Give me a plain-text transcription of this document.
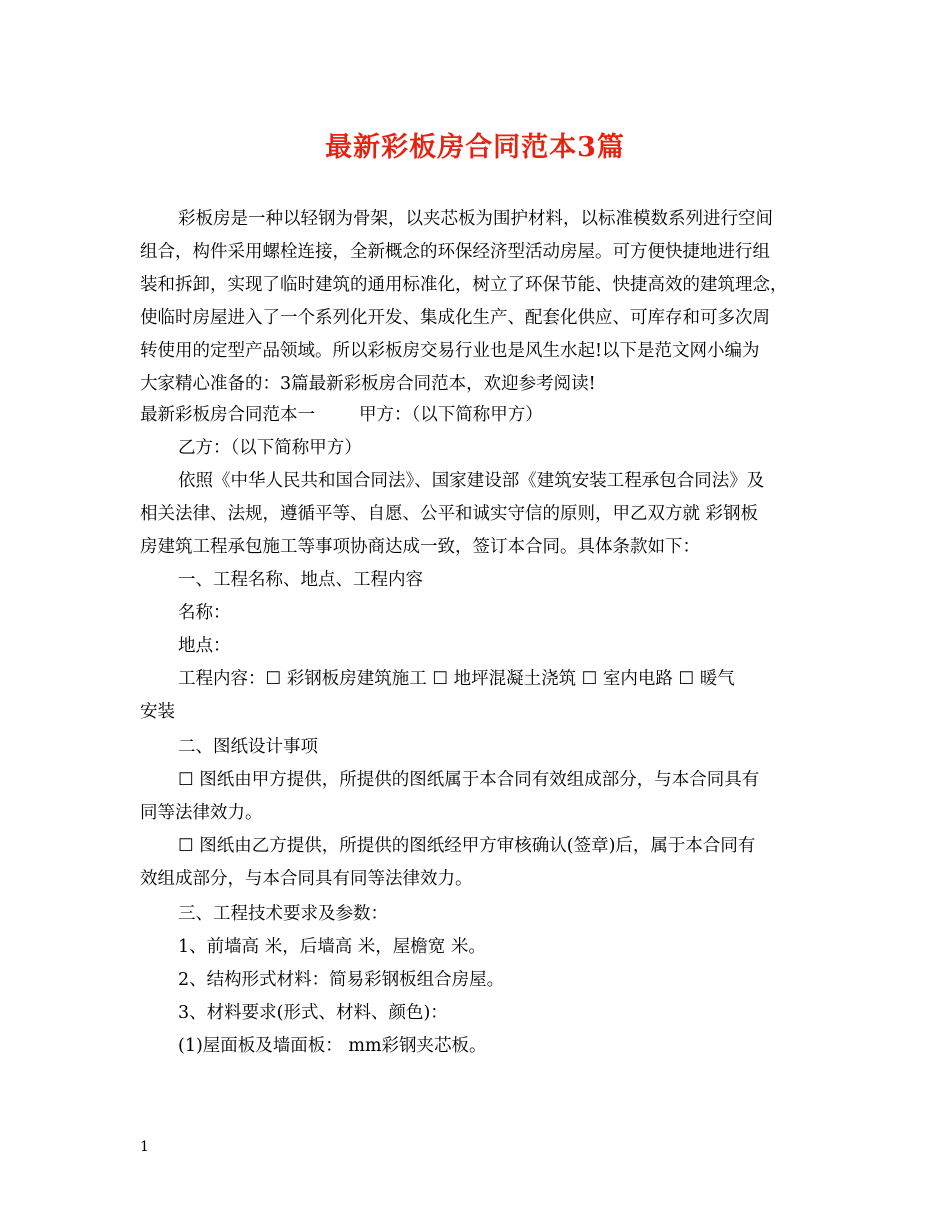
最新彩板房合同范本3篇
彩板房是一种以轻钢为骨架，以夹芯板为围护材料，以标准模数系列进行空间
组合，构件采用螺栓连接，全新概念的环保经济型活动房屋。可方便快捷地进行组
装和拆卸，实现了临时建筑的通用标准化，树立了环保节能、快捷高效的建筑理念，
使临时房屋进入了一个系列化开发、集成化生产、配套化供应、可库存和可多次周
转使用的定型产品领域。所以彩板房交易行业也是风生水起!以下是范文网小编为
大家精心准备的：3篇最新彩板房合同范本，欢迎参考阅读!
最新彩板房合同范本一	甲方：（以下简称甲方）
乙方：（以下简称甲方）
依照《中华人民共和国合同法》、国家建设部《建筑安装工程承包合同法》及
相关法律、法规，遵循平等、自愿、公平和诚实守信的原则，甲乙双方就 彩钢板
房建筑工程承包施工等事项协商达成一致，签订本合同。具体条款如下：
一、工程名称、地点、工程内容
名称：
地点：
工程内容：☐ 彩钢板房建筑施工 ☐ 地坪混凝土浇筑 ☐ 室内电路 ☐ 暖气
安装
二、图纸设计事项
☐ 图纸由甲方提供，所提供的图纸属于本合同有效组成部分，与本合同具有
同等法律效力。
☐ 图纸由乙方提供，所提供的图纸经甲方审核确认(签章)后，属于本合同有
效组成部分，与本合同具有同等法律效力。
三、工程技术要求及参数：
1、前墙高 米，后墙高 米，屋檐宽 米。
2、结构形式材料：简易彩钢板组合房屋。
3、材料要求(形式、材料、颜色)：
(1)屋面板及墙面板： mm彩钢夹芯板。
1
